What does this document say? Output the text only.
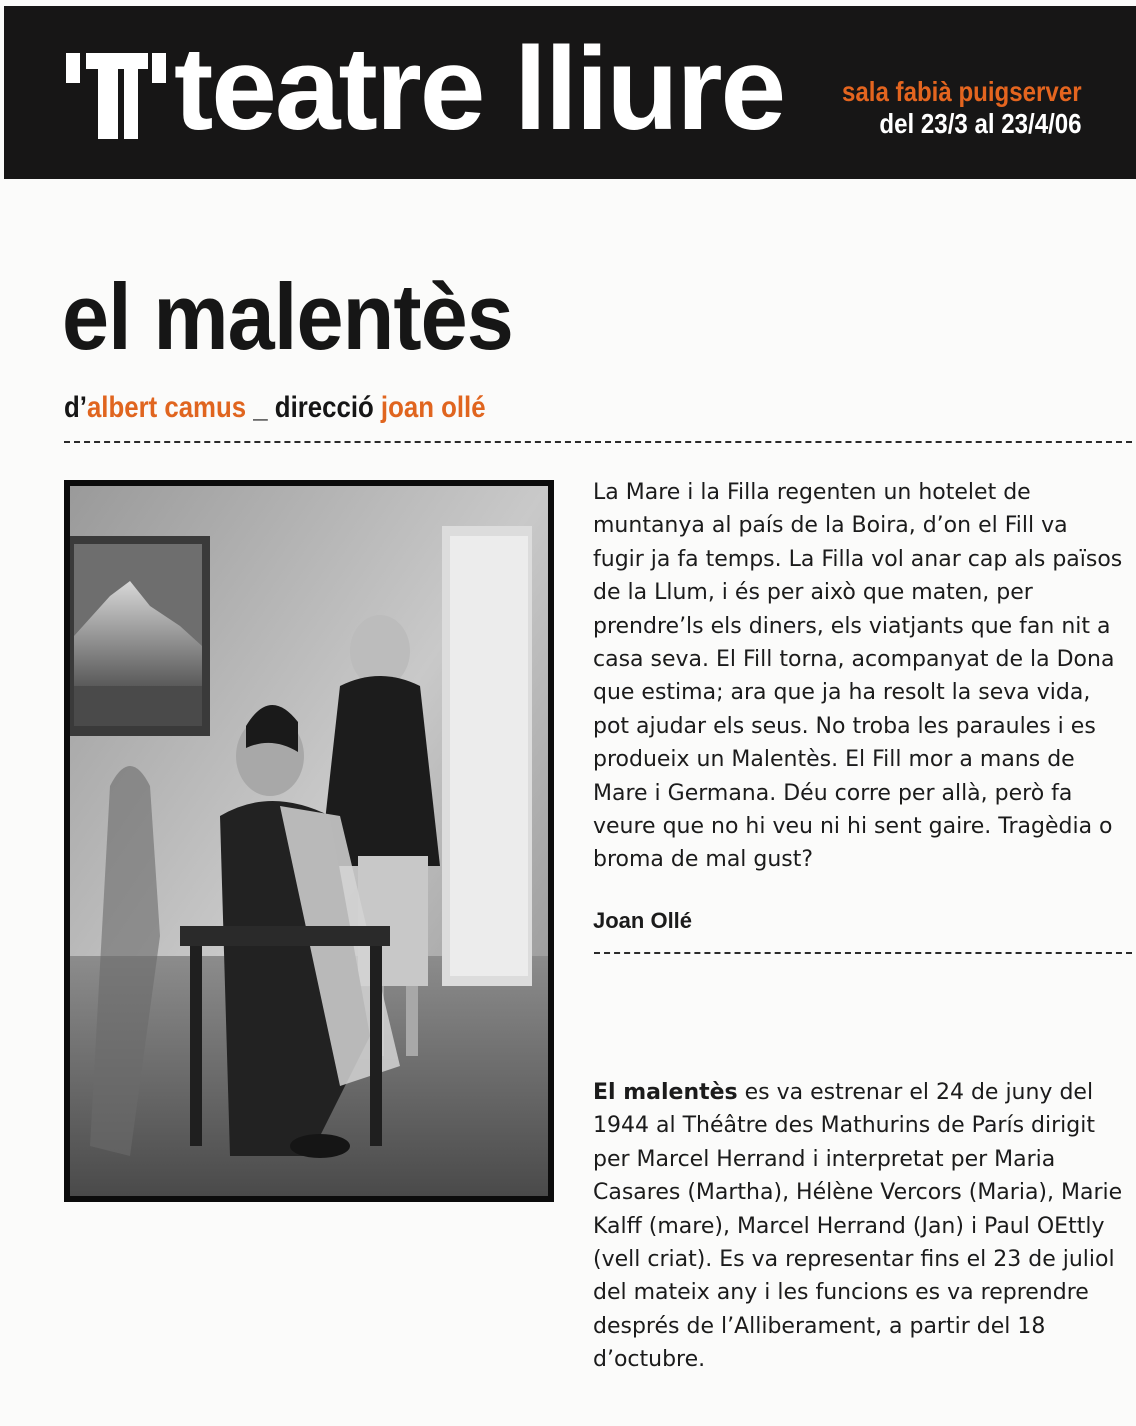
teatre lliure sala fabià puigserver
del 23/3 al 23/4/06
el malentès
d’albert camus _ direcció joan ollé

La Mare i la Filla regenten un hotelet de muntanya al país de la Boira, d’on el Fill va fugir ja fa temps. La Filla vol anar cap als països de la Llum, i és per això que maten, per prendre’ls els diners, els viatjants que fan nit a casa seva. El Fill torna, acompanyat de la Dona que estima; ara que ja ha resolt la seva vida, pot ajudar els seus. No troba les paraules i es produeix un Malentès. El Fill mor a mans de Mare i Germana. Déu corre per allà, però fa veure que no hi veu ni hi sent gaire. Tragèdia o broma de mal gust?

Joan Ollé

El malentès es va estrenar el 24 de juny del 1944 al Théâtre des Mathurins de París dirigit per Marcel Herrand i interpretat per Maria Casares (Martha), Hélène Vercors (Maria), Marie Kalff (mare), Marcel Herrand (Jan) i Paul OEttly (vell criat). Es va representar fins el 23 de juliol del mateix any i les funcions es va reprendre després de l’Alliberament, a partir del 18 d’octubre.
